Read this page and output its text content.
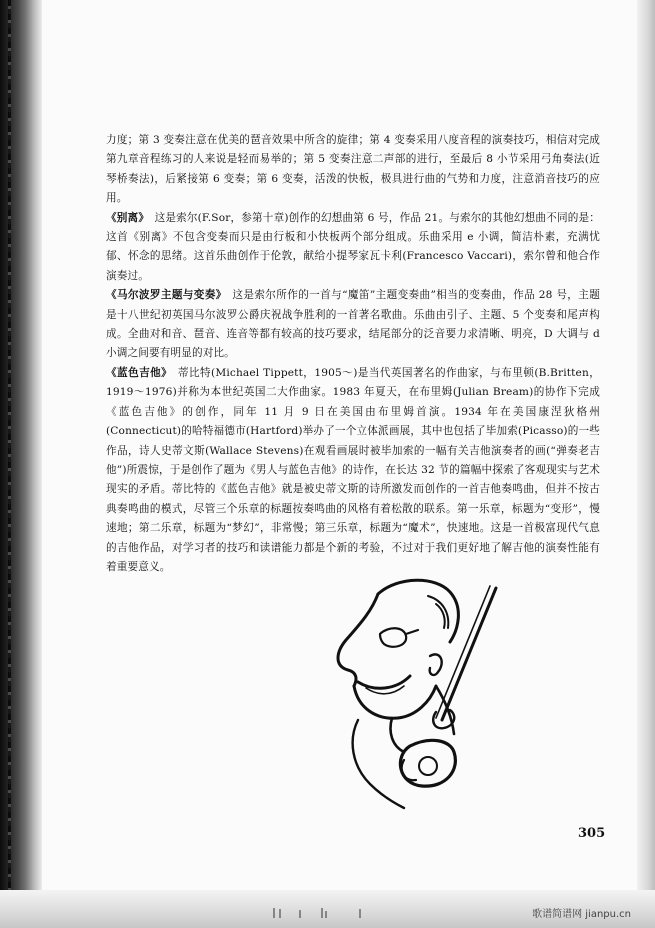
力度；第 3 变奏注意在优美的琶音效果中所含的旋律；第 4 变奏采用八度音程的演奏技巧，相信对完成第九章音程练习的人来说是轻而易举的；第 5 变奏注意二声部的进行，至最后 8 小节采用弓角奏法(近琴桥奏法)，后紧接第 6 变奏；第 6 变奏，活泼的快板，极具进行曲的气势和力度，注意消音技巧的应用。

《别离》　这是索尔(F.Sor，参第十章)创作的幻想曲第 6 号，作品 21。与索尔的其他幻想曲不同的是：这首《别离》不包含变奏而只是由行板和小快板两个部分组成。乐曲采用 e 小调，简洁朴素，充满忧郁、怀念的思绪。这首乐曲创作于伦敦，献给小提琴家瓦卡利(Francesco Vaccari)，索尔曾和他合作演奏过。

《马尔波罗主题与变奏》　这是索尔所作的一首与“魔笛”主题变奏曲”相当的变奏曲，作品 28 号，主题是十八世纪初英国马尔波罗公爵庆祝战争胜利的一首著名歌曲。乐曲由引子、主题、5 个变奏和尾声构成。全曲对和音、琶音、连音等都有较高的技巧要求，结尾部分的泛音要力求清晰、明亮，D 大调与 d 小调之间要有明显的对比。

《蓝色吉他》　蒂比特(Michael Tippett，1905～)是当代英国著名的作曲家，与布里顿(B.Britten，1919～1976)并称为本世纪英国二大作曲家。1983 年夏天，在布里姆(Julian Bream)的协作下完成《蓝色吉他》的创作，同年 11 月 9 日在美国由布里姆首演。1934 年在美国康涅狄格州(Connecticut)的哈特福德市(Hartford)举办了一个立体派画展，其中也包括了毕加索(Picasso)的一些作品，诗人史蒂文斯(Wallace Stevens)在观看画展时被毕加索的一幅有关吉他演奏者的画(“弹奏老吉他”)所震惊，于是创作了题为《男人与蓝色吉他》的诗作，在长达 32 节的篇幅中探索了客观现实与艺术现实的矛盾。蒂比特的《蓝色吉他》就是被史蒂文斯的诗所激发而创作的一首吉他奏鸣曲，但并不按古典奏鸣曲的模式，尽管三个乐章的标题按奏鸣曲的风格有着松散的联系。第一乐章，标题为“变形”，慢速地；第二乐章，标题为“梦幻”，非常慢；第三乐章，标题为“魔术”，快速地。这是一首极富现代气息的吉他作品，对学习者的技巧和读谱能力都是个新的考验，不过对于我们更好地了解吉他的演奏性能有着重要意义。

305
歌谱简谱网 jianpu.cn
